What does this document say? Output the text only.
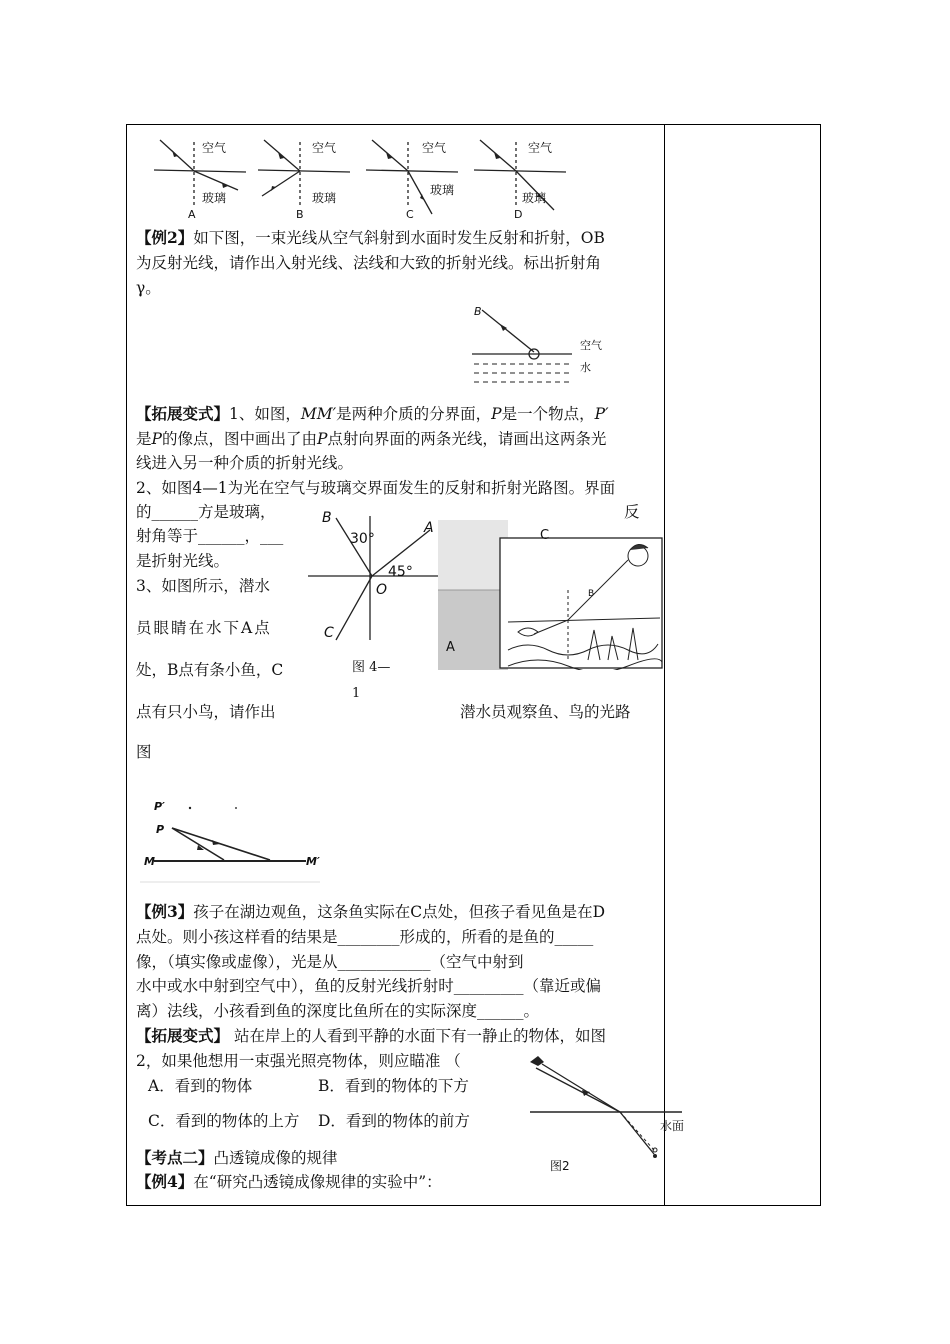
空气
玻璃
空气
玻璃
空气
玻璃
空气
玻璃
A	B	C	D
【例2】如下图，一束光线从空气斜射到水面时发生反射和折射，OB
为反射光线，请作出入射光线、法线和大致的折射光线。标出折射角
γ。
B
空气
水
【拓展变式】1、如图，MM′是两种介质的分界面，P是一个物点，P′
是P的像点，图中画出了由P点射向界面的两条光线，请画出这两条光
线进入另一种介质的折射光线。
2、如图4—1为光在空气与玻璃交界面发生的反射和折射光路图。界面
的______方是玻璃，	反
射角等于______，___
是折射光线。
B
A
C
O
30°
45°
图 4—
1
C
A
B
3、如图所示，潜水
员眼睛在水下A点
处，B点有条小鱼，C
点有只小鸟，请作出	潜水员观察鱼、鸟的光路
图
P′
P
M	M′
【例3】孩子在湖边观鱼，这条鱼实际在C点处，但孩子看见鱼是在D
点处。则小孩这样看的结果是________形成的，所看的是鱼的_____
像，（填实像或虚像），光是从____________（空气中射到
水中或水中射到空气中），鱼的反射光线折射时_________（靠近或偏
离）法线，小孩看到鱼的深度比鱼所在的实际深度______。
【拓展变式】 站在岸上的人看到平静的水面下有一静止的物体，如图
2，如果他想用一束强光照亮物体，则应瞄准 （
A．看到的物体	B．看到的物体的下方
C．看到的物体的上方 D．看到的物体的前方	水面
图2
【考点二】凸透镜成像的规律
【例4】在“研究凸透镜成像规律的实验中”：
